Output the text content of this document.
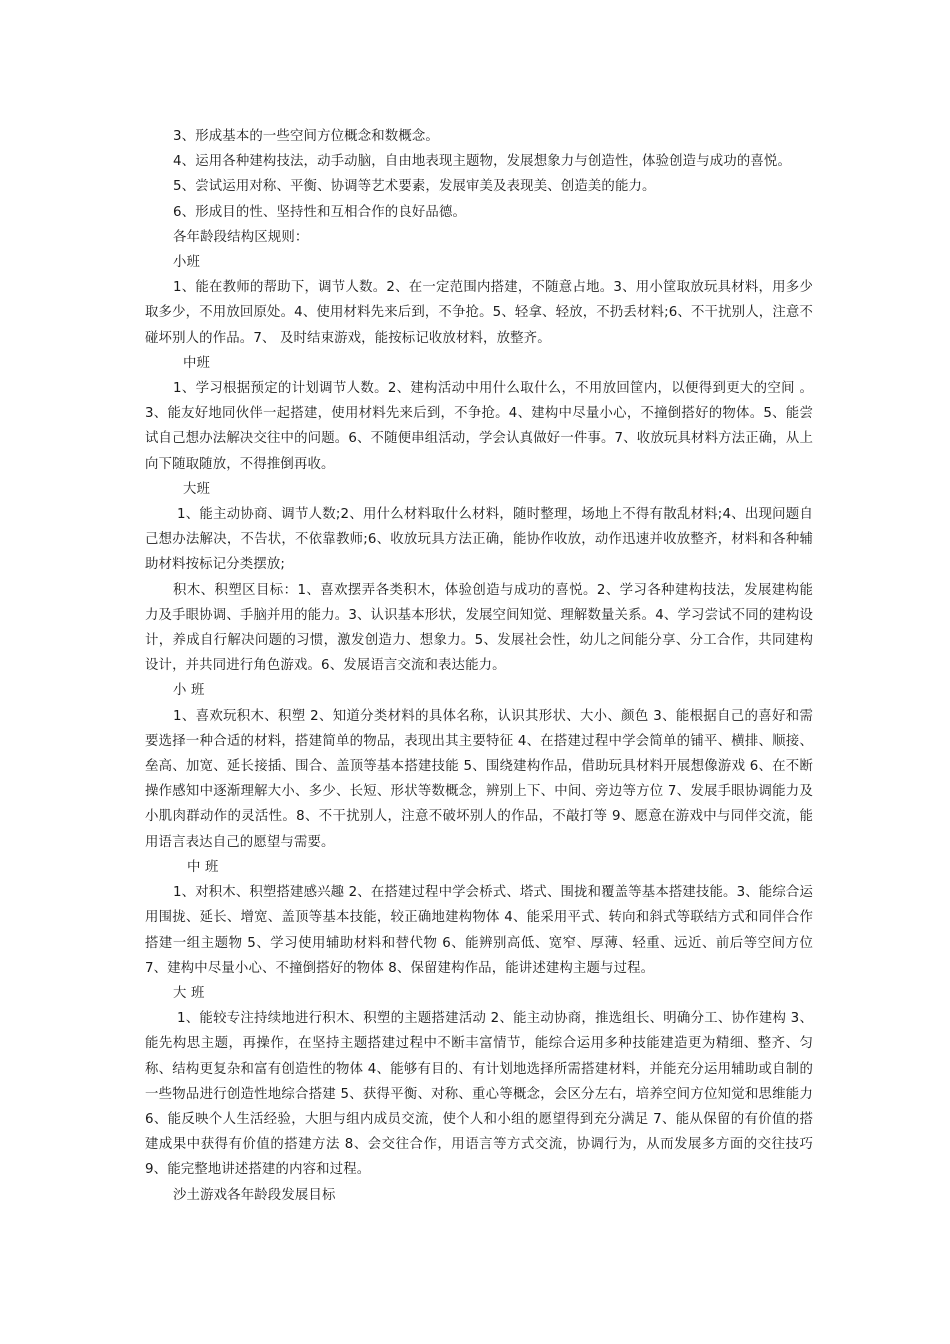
3、形成基本的一些空间方位概念和数概念。

4、运用各种建构技法，动手动脑，自由地表现主题物，发展想象力与创造性，体验创造与成功的喜悦。

5、尝试运用对称、平衡、协调等艺术要素，发展审美及表现美、创造美的能力。

6、形成目的性、坚持性和互相合作的良好品德。

各年龄段结构区规则：

小班

1、能在教师的帮助下，调节人数。2、在一定范围内搭建，不随意占地。3、用小筐取放玩具材料，用多少取多少，不用放回原处。4、使用材料先来后到，不争抢。5、轻拿、轻放，不扔丢材料;6、不干扰别人，注意不碰坏别人的作品。7、 及时结束游戏，能按标记收放材料，放整齐。

中班

1、学习根据预定的计划调节人数。2、建构活动中用什么取什么，不用放回筐内，以便得到更大的空间 。3、能友好地同伙伴一起搭建，使用材料先来后到，不争抢。4、建构中尽量小心，不撞倒搭好的物体。5、能尝试自己想办法解决交往中的问题。6、不随便串组活动，学会认真做好一件事。7、收放玩具材料方法正确，从上向下随取随放，不得推倒再收。

大班

1、能主动协商、调节人数;2、用什么材料取什么材料，随时整理，场地上不得有散乱材料;4、出现问题自己想办法解决，不告状，不依靠教师;6、收放玩具方法正确，能协作收放，动作迅速并收放整齐，材料和各种辅助材料按标记分类摆放;

积木、积塑区目标：1、喜欢摆弄各类积木，体验创造与成功的喜悦。2、学习各种建构技法，发展建构能力及手眼协调、手脑并用的能力。3、认识基本形状，发展空间知觉、理解数量关系。4、学习尝试不同的建构设计，养成自行解决问题的习惯，激发创造力、想象力。5、发展社会性，幼儿之间能分享、分工合作，共同建构设计，并共同进行角色游戏。6、发展语言交流和表达能力。

小 班

1、喜欢玩积木、积塑 2、知道分类材料的具体名称，认识其形状、大小、颜色 3、能根据自己的喜好和需要选择一种合适的材料，搭建简单的物品，表现出其主要特征 4、在搭建过程中学会简单的铺平、横排、顺接、垒高、加宽、延长接插、围合、盖顶等基本搭建技能 5、围绕建构作品，借助玩具材料开展想像游戏 6、在不断操作感知中逐渐理解大小、多少、长短、形状等数概念，辨别上下、中间、旁边等方位 7、发展手眼协调能力及小肌肉群动作的灵活性。8、不干扰别人，注意不破坏别人的作品，不敲打等 9、愿意在游戏中与同伴交流，能用语言表达自己的愿望与需要。

中 班

1、对积木、积塑搭建感兴趣 2、在搭建过程中学会桥式、塔式、围拢和覆盖等基本搭建技能。3、能综合运用围拢、延长、增宽、盖顶等基本技能，较正确地建构物体 4、能采用平式、转向和斜式等联结方式和同伴合作搭建一组主题物 5、学习使用辅助材料和替代物 6、能辨别高低、宽窄、厚薄、轻重、远近、前后等空间方位 7、建构中尽量小心、不撞倒搭好的物体 8、保留建构作品，能讲述建构主题与过程。

大 班

1、能较专注持续地进行积木、积塑的主题搭建活动 2、能主动协商，推选组长、明确分工、协作建构 3、能先构思主题，再操作，在坚持主题搭建过程中不断丰富情节，能综合运用多种技能建造更为精细、整齐、匀称、结构更复杂和富有创造性的物体 4、能够有目的、有计划地选择所需搭建材料，并能充分运用辅助或自制的一些物品进行创造性地综合搭建 5、获得平衡、对称、重心等概念，会区分左右，培养空间方位知觉和思维能力 6、能反映个人生活经验，大胆与组内成员交流，使个人和小组的愿望得到充分满足 7、能从保留的有价值的搭建成果中获得有价值的搭建方法 8、会交往合作，用语言等方式交流，协调行为，从而发展多方面的交往技巧 9、能完整地讲述搭建的内容和过程。

沙土游戏各年龄段发展目标
